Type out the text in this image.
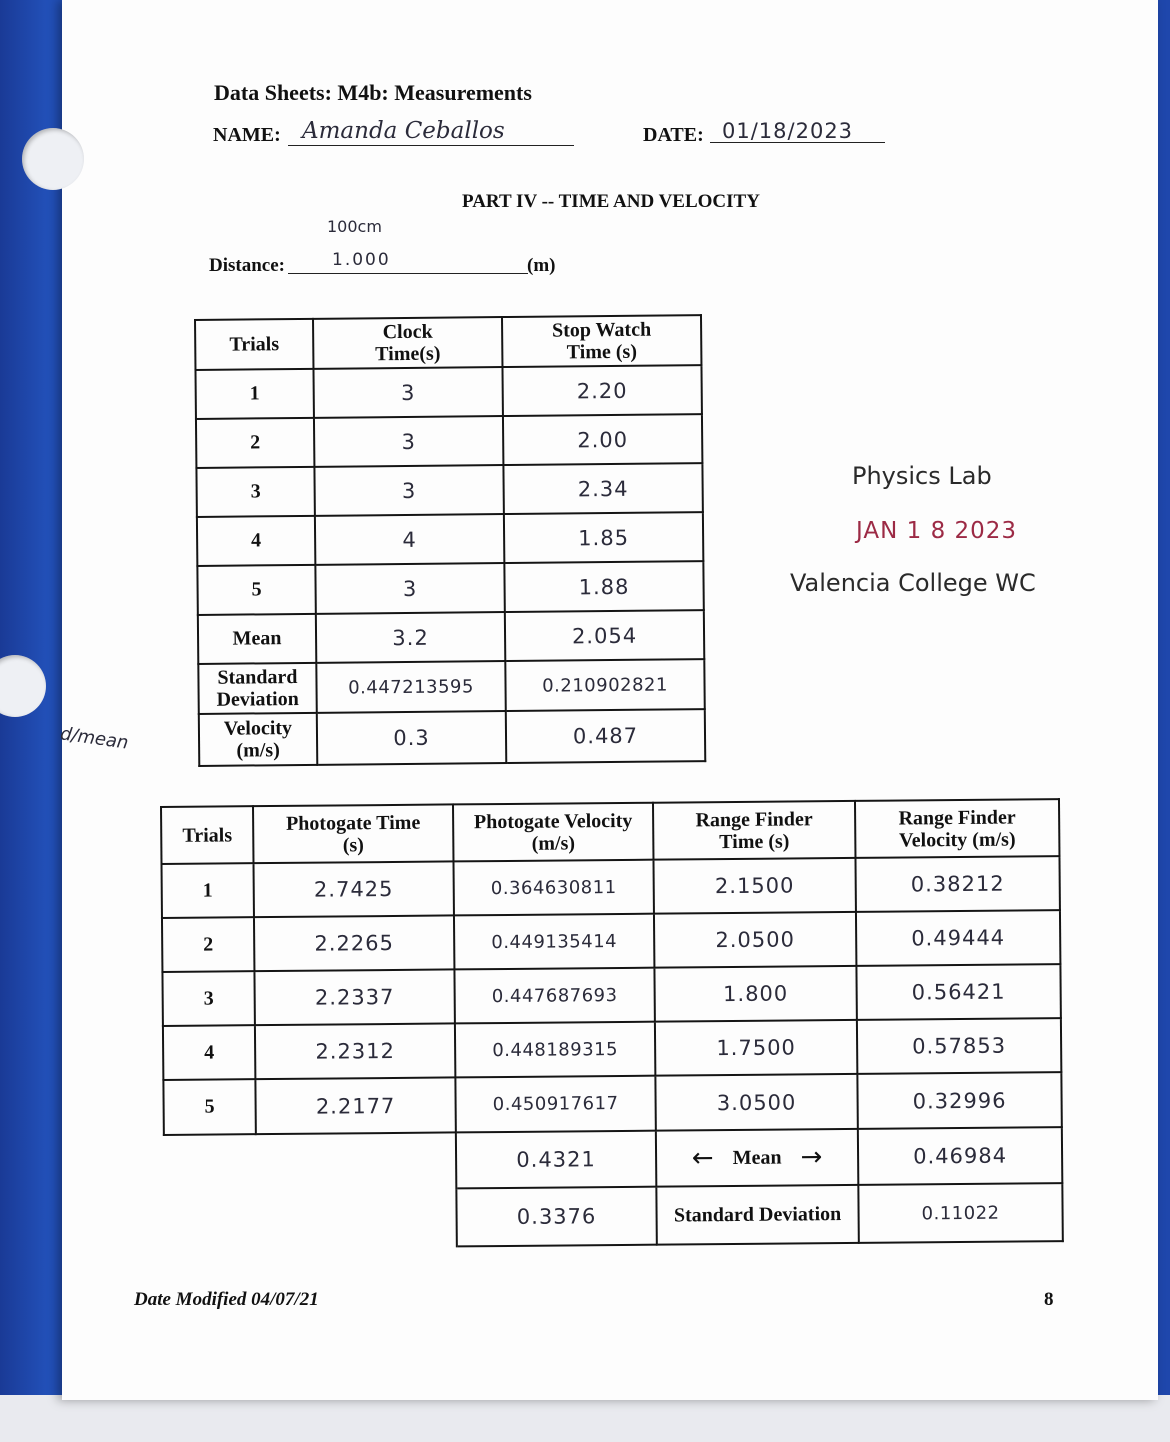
Data Sheets: M4b: Measurements
NAME: Amanda Ceballos	DATE: 01/18/2023
PART IV -- TIME AND VELOCITY
100cm
Distance:	1.000	(m)
Trials	Clock Time(s)	Stop Watch Time (s)
1	3	2.20
2	3	2.00
3	3	2.34
4	4	1.85
5	3	1.88
Mean	3.2	2.054
Standard Deviation	0.447213595	0.210902821
Velocity (m/s)	0.3	0.487
d/mean
Physics Lab
JAN 1 8 2023
Valencia College WC
Trials	Photogate Time (s)	Photogate Velocity (m/s)	Range Finder Time (s)	Range Finder Velocity (m/s)
1	2.7425	0.364630811	2.1500	0.38212
2	2.2265	0.449135414	2.0500	0.49444
3	2.2337	0.447687693	1.800	0.56421
4	2.2312	0.448189315	1.7500	0.57853
5	2.2177	0.450917617	3.0500	0.32996
		0.4321	← Mean →	0.46984
		0.3376	Standard Deviation	0.11022
Date Modified 04/07/21	8
